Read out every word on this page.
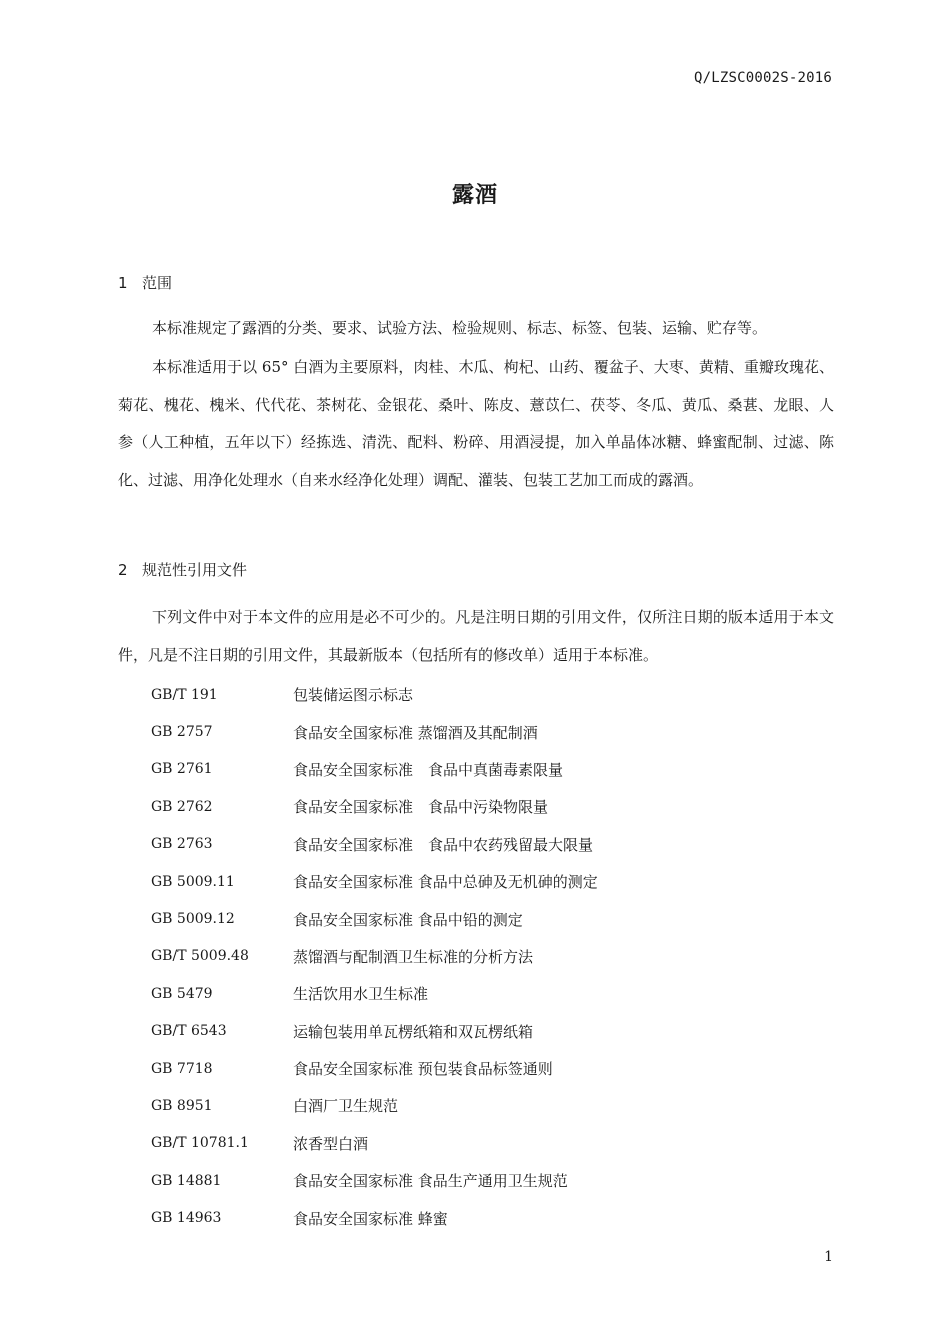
Q/LZSC0002S-2016
露酒
1 范围

本标准规定了露酒的分类、要求、试验方法、检验规则、标志、标签、包装、运输、贮存等。

本标准适用于以 65° 白酒为主要原料，肉桂、木瓜、枸杞、山药、覆盆子、大枣、黄精、重瓣玫瑰花、菊花、槐花、槐米、代代花、茶树花、金银花、桑叶、陈皮、薏苡仁、茯苓、冬瓜、黄瓜、桑葚、龙眼、人参（人工种植，五年以下）经拣选、清洗、配料、粉碎、用酒浸提，加入单晶体冰糖、蜂蜜配制、过滤、陈化、过滤、用净化处理水（自来水经净化处理）调配、灌装、包装工艺加工而成的露酒。

2 规范性引用文件

下列文件中对于本文件的应用是必不可少的。凡是注明日期的引用文件，仅所注日期的版本适用于本文件，凡是不注日期的引用文件，其最新版本（包括所有的修改单）适用于本标准。

GB/T 191	包装储运图示标志
GB 2757	食品安全国家标准 蒸馏酒及其配制酒
GB 2761	食品安全国家标准　食品中真菌毒素限量
GB 2762	食品安全国家标准　食品中污染物限量
GB 2763	食品安全国家标准　食品中农药残留最大限量
GB 5009.11	食品安全国家标准 食品中总砷及无机砷的测定
GB 5009.12	食品安全国家标准 食品中铅的测定
GB/T 5009.48	蒸馏酒与配制酒卫生标准的分析方法
GB 5479	生活饮用水卫生标准
GB/T 6543	运输包装用单瓦楞纸箱和双瓦楞纸箱
GB 7718	食品安全国家标准 预包装食品标签通则
GB 8951	白酒厂卫生规范
GB/T 10781.1	浓香型白酒
GB 14881	食品安全国家标准 食品生产通用卫生规范
GB 14963	食品安全国家标准 蜂蜜
1
